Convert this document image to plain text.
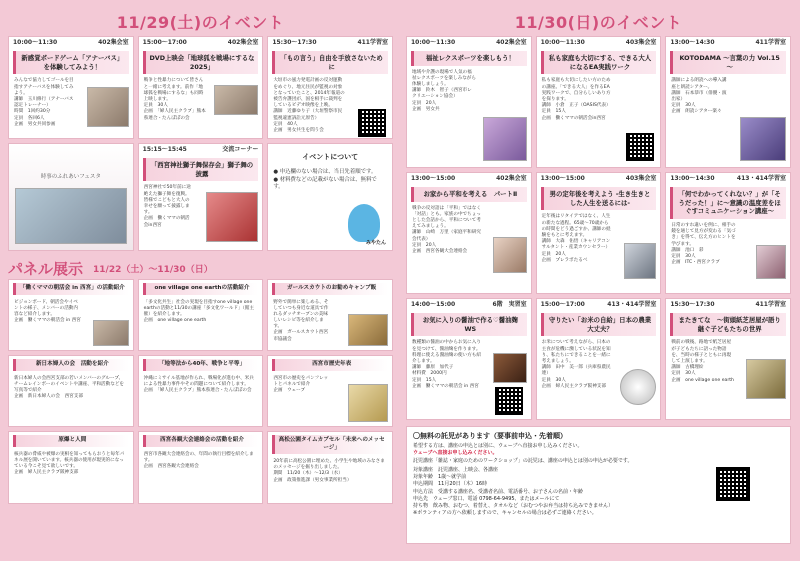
11/29(土)のイベント
10:00～11:30	402集会室
新感覚ボードゲーム「アナーバス」を体験してみよう！
みんなで協力してゴールを目指すアナーバスを体験してみよう。
講師　玉川修行（アナーバス認定トレーナー）
時間　1回約30分
定員　各回6人
企画　男女共同参画
15:00～17:00	402集会室
DVD上映会「地球狐を戦場にするな2025」
戦争と性暴力について皆さんと一緒に考えます。前作「地球狐を戦場にするな」も同時上映します。
定員　30人
企画　「婦人民主クラブ」熊本県連合・たんぽぽの会
15:30～17:30	411学習室
「もの言う」自由を手放さないために
大垣市の風力発電計画の反対運動をめぐり、地元住民が監視の対象となっていたこと、2014年報道の被告弁護団が、国を相手に裁判をしているビデオ映像を上映。
講師　近藤ゆり子（大垣警察市民監視違憲訴訟元原告）
定員　40人
企画　男女共生を問う会
時事のふれあいフェスタ
15:15～15:45	交流コーナー
「西宮神社獅子舞保存会」獅子舞の披露
西宮神社で50年前に途絶えた獅子舞を復興。皆様でこどもと大人の幸せを願って披露します。
企画　働くママの朝活会in西宮
イベントについて
● 申込欄のない場合は、当日先着順です。
● 材料費などの記載がない場合は、無料です。
みやたん
パネル展示 11/22（土）～11/30（日）
「働くママの朝活会 in 西宮」の活動紹介
ビジョンボード、朝活会やイベントの様子、メンバーの活動内容など紹介します。
企画　働くママの朝活会 in 西宮
one village one earthの活動紹介
「多文化共生」社会の実現を目指すone village one earthの活動と11/30の講座「多文化ワールド」（館主催）を紹介します。
企画　one village one earth
ガールスカウトのお勧めキャンプ飯
野外で簡単に楽しめる、そしていつも身近な道具で作れるダッチオーブンの美味しいレシピ等を紹介します。
企画　ガールスカウト西宮市協議会
新日本婦人の会　活動を紹介
新日本婦人の会西宮支部の若いメンバーのグループ、チームレインボーのイベントや講座、平和活動などを写真等で紹介
企画　新日本婦人の会　西宮支部
「地等法から40年、戦争と平等」
沖縄にミサイル基地が作られ、戦場化が進む中、米兵による性暴力事件やその問題について紹介します。
企画　「婦人民主クラブ」熊本県連合・たんぽぽの会
西宮市歴史年表
西宮市の歴史をパンフレットとパネルで紹介
企画　ウェーブ
原爆と人間
核兵器の脅威や被爆の実相を知ってもらおうと毎年パネル展を開いています。核兵器の使用が現実的になっている今こそ見て欲しいです。
企画　婦人民主クラブ阪神支部
西宮各観大会連絡会の活動を紹介
西宮市各観大会連絡会の、年間の執行目標を紹介します。
企画　西宮各観大会連絡会
高松公園タイムカプセル「未来へのメッセージ」
20年前に高松公園に埋めた、小学生や地域のみなさまのメッセージを掘り出しました。
期間　11/20（木）～12/3（水）
企画　政策推進課（男女事業所担当）
11/30(日)のイベント
10:00～11:30	402集会室
福祉レクスポーツを楽しもう！
地域や介護の現場で人気の福祉レクスポーツを楽しみながら体験しましょう。
講師　鈴木　智子（西宮市レクリエーション協会）
定員　20人
企画　男女共
10:00～11:30	403集会室
私も家庭も大切にする、できる大人になるEA実践ワーク
私も家庭も大切にしたい方のための講座。「できる大人」を作るEA実践ワークで、自分らしいあり方を探ります。
講師　小倉　正子（OASIS代表）
定員　15人
企画　働くママの朝活会in西宮
13:00～14:30	411学習室
KOTODAMA ～言葉の力 Vol.15～
講師による朗読への導入講座と朗読シアター。
講師　石本恭市（俳優・演出家）
定員　30人
企画　朗読シアター楽々
13:00～15:00	402集会室
お家から平和を考える　パートⅡ
戦争の反対語は「平和」ではなく「対話」とも。家族の中でちょっとした会話から、平和について考えてみましょう。
講師　山崎　万里（家庭平和研究会代表）
定員　20人
企画　西宮各観大会連絡会
13:00～15:00	403集会室
男の定年後を考えよう -生き生きとした人生を送るには-
定年後はリタイアではなく、人生の新たな過程。65歳～70歳からの時間をどう過ごすか、講師の経験をもとに考えます。
講師　大森　佑悟（キャリアコンサルタント・産業カウンセラー）
定員　20人
企画　プレラボたるべ
13:00～14:30	413・414学習室
「何でわかってくれない？」が「そうだった！」に～意識の温度差をほぐすコミュニケーション講座～
日常のすれ違いを例に、相手の鏡を通じて見方が変わる「気づき」を得て、伝え方のヒントを学びます。
講師　池口　彩
定員　30人
企画　ITC・西宮クラブ
14:00～15:00	6階　実習室
お気に入りの醤油で作る♡醤油麹WS
数種類の醤油の中からお気に入りを見つけて、醤油麹を作ります。料理に使える醤油麹の使い方も紹介します。
講師　藤原　加代子
材料費　2000円
定員　15人
企画　働くママの朝活会 in 西宮
15:00～17:00	413・414学習室
守りたい「お米の自給」日本の農業大丈夫？
お米について考えながら、日本の主食が危機に瀕している状況を知り、私たちにできることを一緒に考えましょう。
講師　田中　美一郎（兵庫県農民連）
定員　30人
企画　婦人民主クラブ阪神支部
15:30～17:30	411学習室
またきてな　～街頭紙芝居屋が語り継ぐ子どもたちの世界
戦前の戦後、路地で紙芝居屋が子どもたちに語った物語を、当時の様子とともに再現して上演します。
講師　古橋理絵
定員　30人
企画　one village one earth
〇無料の託児があります（要事前申込・先着順）
希望する方は、講座の申込とは別に、ウェーブへ直接お申し込みください。
ウェーブへ直接お申し込みください。
託児講座「雑誌・家庭のためのワークショップ」の託児は、講座の申込とは別の申込が必要です。
対象講座　託児講座、上映会、各講座
対象年齢　1歳～就学前
申込期間　11月20日（木）16時
申込方法　受講する講座名、受講者名前、電話番号、お子さんの名前・年齢
申込先　ウェーブ窓口、電話 0798-64-9495、またはメールにて
持ち物　飲み物、おむつ、着替え、タオルなど（おむつやお弁当は持ち込みできません）
※ボランティアの方へ依頼しますので、キャンセルの場合は必ずご連絡ください。
